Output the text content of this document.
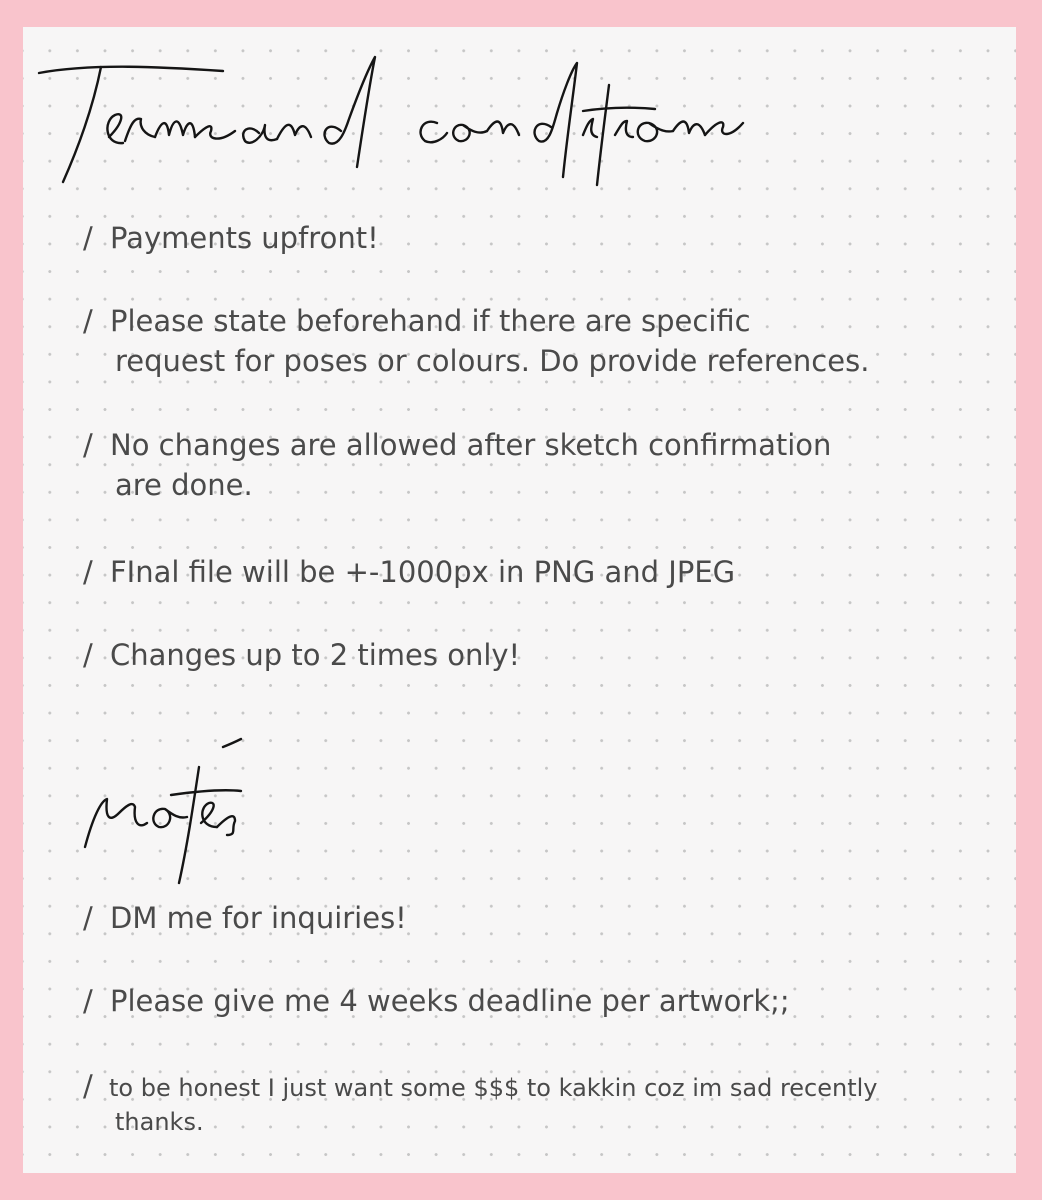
/ Payments upfront!
/ Please state beforehand if there are specific
request for poses or colours. Do provide references.
/ No changes are allowed after sketch confirmation
are done.
/ FInal file will be +-1000px in PNG and JPEG
/ Changes up to 2 times only!
/ DM me for inquiries!
/ Please give me 4 weeks deadline per artwork;;
/ to be honest I just want some $$$ to kakkin coz im sad recently
thanks.
